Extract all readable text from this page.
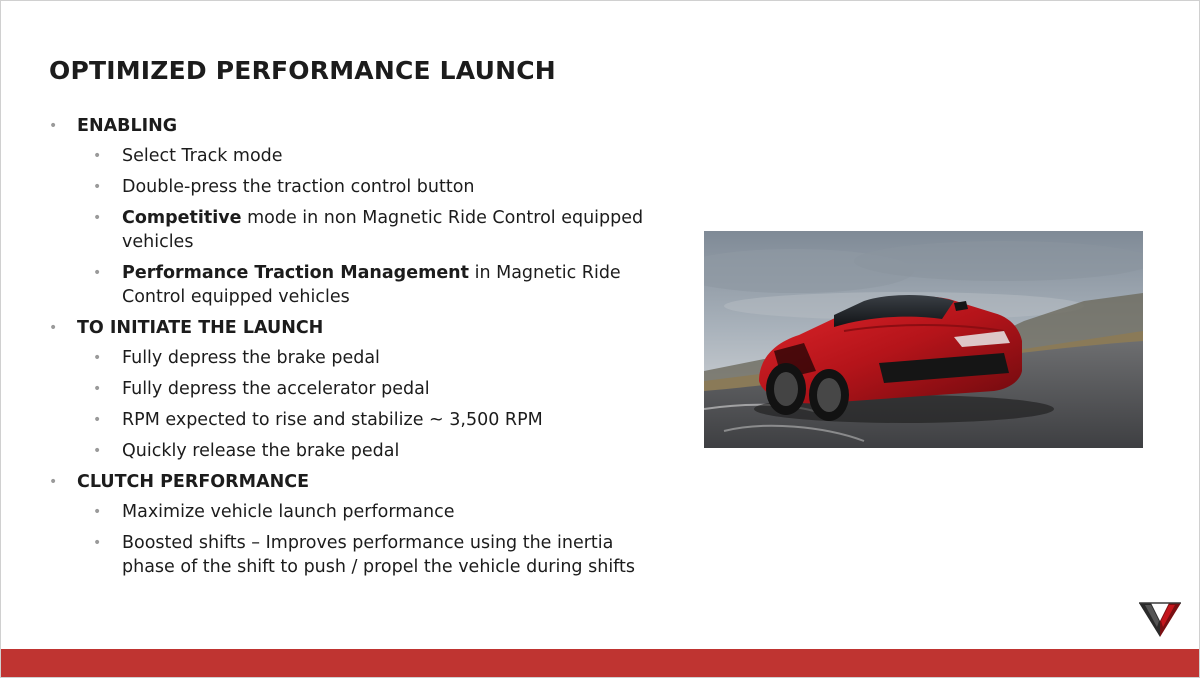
OPTIMIZED PERFORMANCE LAUNCH
• ENABLING
• Select Track mode
• Double-press the traction control button
• Competitive mode in non Magnetic Ride Control equipped vehicles
• Performance Traction Management in Magnetic Ride Control equipped vehicles
• TO INITIATE THE LAUNCH
• Fully depress the brake pedal
• Fully depress the accelerator pedal
• RPM expected to rise and stabilize ~ 3,500 RPM
• Quickly release the brake pedal
• CLUTCH PERFORMANCE
• Maximize vehicle launch performance
• Boosted shifts – Improves performance using the inertia phase of the shift to push / propel the vehicle during shifts
